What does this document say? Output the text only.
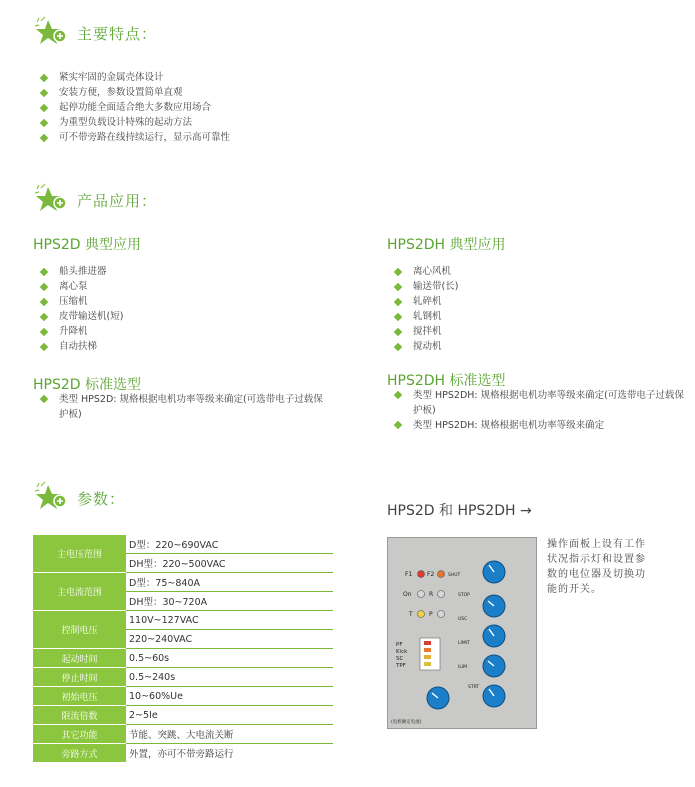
主要特点：
紧实牢固的金属壳体设计
安装方便，参数设置简单直观
起停功能全面适合绝大多数应用场合
为重型负载设计特殊的起动方法
可不带旁路在线持续运行，显示高可靠性
产品应用：
HPS2D 典型应用
船头推进器
离心泵
压缩机
皮带输送机(短)
升降机
自动扶梯
HPS2D 标准选型
类型 HPS2D: 规格根据电机功率等级来确定(可选带电子过载保护板)
HPS2DH 典型应用
离心风机
输送带(长)
轧碎机
轧钢机
搅拌机
搅动机
HPS2DH 标准选型
类型 HPS2DH: 规格根据电机功率等级来确定(可选带电子过载保护板)
类型 HPS2DH: 规格根据电机功率等级来确定
参数：
主电压范围	D型：220~690VAC
	DH型：220~500VAC
主电流范围	D型：75~840A
	DH型：30~720A
控制电压	110V~127VAC
	220~240VAC
起动时间	0.5~60s
停止时间	0.5~240s
初始电压	10~60%Ue
限流倍数	2~5Ie
其它功能	节能、突跳、大电流关断
旁路方式	外置，亦可不带旁路运行
HPS2D 和 HPS2DH →
F1 F2	SHUT
On	R
T	P
PF
Kick
SC
TPF
STOP
USC
LIMIT
ILIM
STRT
(电机额定电流)
操作面板上设有工作状况指示灯和设置参数的电位器及切换功能的开关。
